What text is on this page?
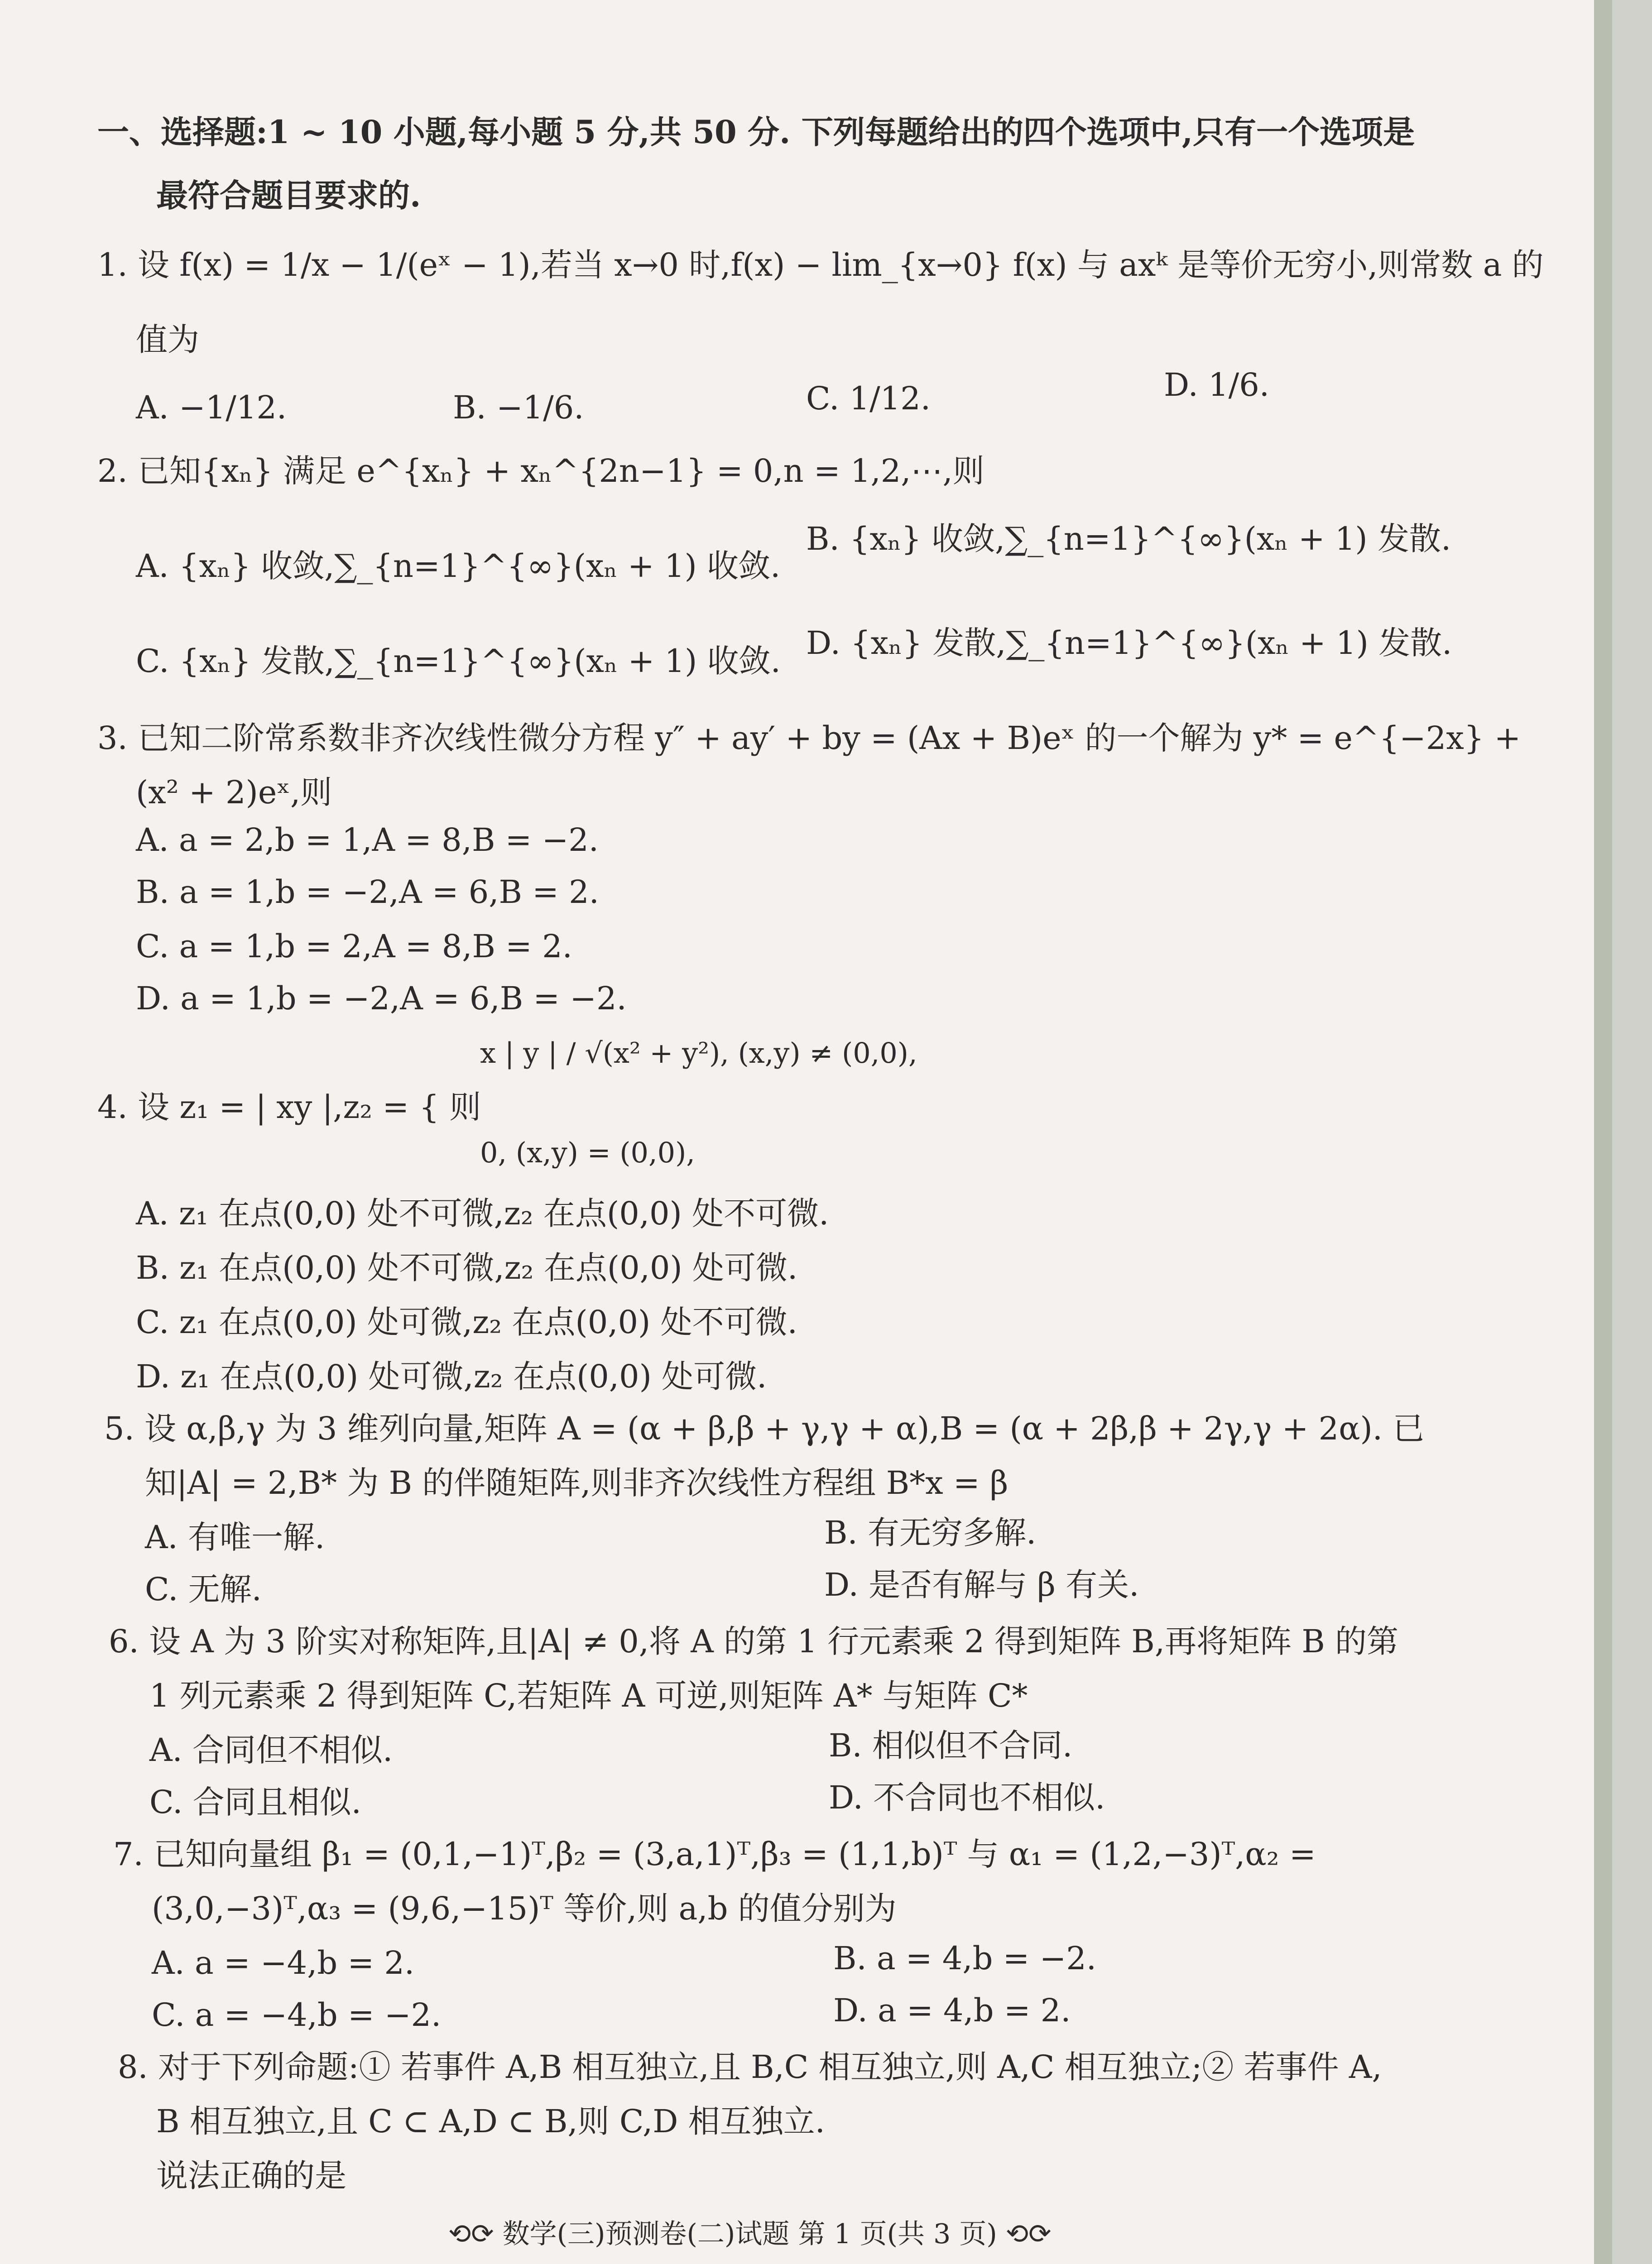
一、选择题:1 ~ 10 小题,每小题 5 分,共 50 分. 下列每题给出的四个选项中,只有一个选项是
最符合题目要求的.
1. 设 f(x) = 1/x − 1/(eˣ − 1),若当 x→0 时,f(x) − lim_{x→0} f(x) 与 axᵏ 是等价无穷小,则常数 a 的
值为
A. −1/12.	B. −1/6.	C. 1/12.	D. 1/6.
2. 已知{xₙ} 满足 e^{xₙ} + xₙ^{2n−1} = 0,n = 1,2,⋯,则
A. {xₙ} 收敛,∑_{n=1}^{∞}(xₙ + 1) 收敛.
B. {xₙ} 收敛,∑_{n=1}^{∞}(xₙ + 1) 发散.
C. {xₙ} 发散,∑_{n=1}^{∞}(xₙ + 1) 收敛. D. {xₙ} 发散,∑_{n=1}^{∞}(xₙ + 1) 发散.
3. 已知二阶常系数非齐次线性微分方程 y″ + ay′ + by = (Ax + B)eˣ 的一个解为 y* = e^{−2x} +
(x² + 2)eˣ,则
A. a = 2,b = 1,A = 8,B = −2.
B. a = 1,b = −2,A = 6,B = 2.
C. a = 1,b = 2,A = 8,B = 2.
D. a = 1,b = −2,A = 6,B = −2.
x | y | / √(x² + y²), (x,y) ≠ (0,0),
4. 设 z₁ = | xy |,z₂ = { 则
0, (x,y) = (0,0),
A. z₁ 在点(0,0) 处不可微,z₂ 在点(0,0) 处不可微.
B. z₁ 在点(0,0) 处不可微,z₂ 在点(0,0) 处可微.
C. z₁ 在点(0,0) 处可微,z₂ 在点(0,0) 处不可微.
D. z₁ 在点(0,0) 处可微,z₂ 在点(0,0) 处可微.
5. 设 α,β,γ 为 3 维列向量,矩阵 A = (α + β,β + γ,γ + α),B = (α + 2β,β + 2γ,γ + 2α). 已
知|A| = 2,B* 为 B 的伴随矩阵,则非齐次线性方程组 B*x = β
A. 有唯一解.	B. 有无穷多解.
C. 无解.	D. 是否有解与 β 有关.
6. 设 A 为 3 阶实对称矩阵,且|A| ≠ 0,将 A 的第 1 行元素乘 2 得到矩阵 B,再将矩阵 B 的第
1 列元素乘 2 得到矩阵 C,若矩阵 A 可逆,则矩阵 A* 与矩阵 C*
A. 合同但不相似.	B. 相似但不合同.
C. 合同且相似.	D. 不合同也不相似.
7. 已知向量组 β₁ = (0,1,−1)ᵀ,β₂ = (3,a,1)ᵀ,β₃ = (1,1,b)ᵀ 与 α₁ = (1,2,−3)ᵀ,α₂ =
(3,0,−3)ᵀ,α₃ = (9,6,−15)ᵀ 等价,则 a,b 的值分别为
A. a = −4,b = 2.	B. a = 4,b = −2.
C. a = −4,b = −2.	D. a = 4,b = 2.
8. 对于下列命题:① 若事件 A,B 相互独立,且 B,C 相互独立,则 A,C 相互独立;② 若事件 A,
B 相互独立,且 C ⊂ A,D ⊂ B,则 C,D 相互独立.
说法正确的是
⟲⟳ 数学(三)预测卷(二)试题 第 1 页(共 3 页) ⟲⟳
